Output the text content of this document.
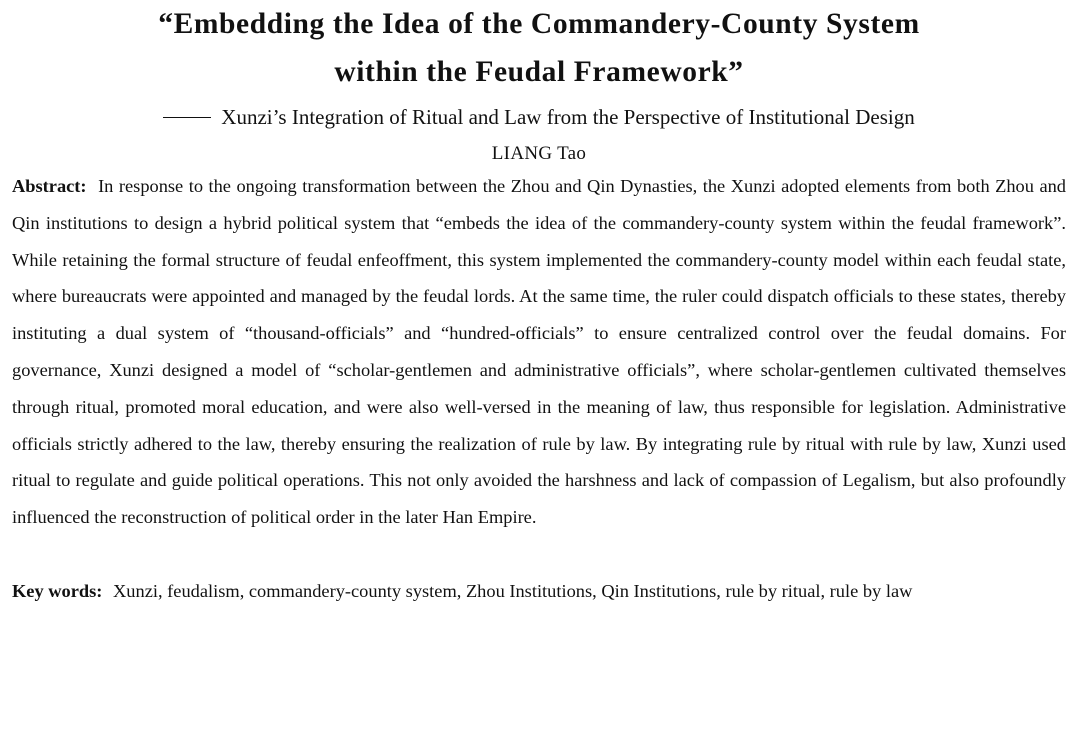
“Embedding the Idea of the Commandery-County System
within the Feudal Framework”
Xunzi’s Integration of Ritual and Law from the Perspective of Institutional Design
LIANG Tao

Abstract: In response to the ongoing transformation between the Zhou and Qin Dynasties, the Xunzi adopted elements from both Zhou and Qin institutions to design a hybrid political system that “embeds the idea of the commandery-county system within the feudal framework”. While retaining the formal structure of feudal enfeoffment, this system implemented the commandery-county model within each feudal state, where bureaucrats were appointed and managed by the feudal lords. At the same time, the ruler could dispatch officials to these states, thereby instituting a dual system of “thousand-officials” and “hundred-officials” to ensure centralized control over the feudal domains. For governance, Xunzi designed a model of “scholar-gentlemen and administrative officials”, where scholar-gentlemen cultivated themselves through ritual, promoted moral education, and were also well-versed in the meaning of law, thus responsible for legislation. Administrative officials strictly adhered to the law, thereby ensuring the realization of rule by law. By integrating rule by ritual with rule by law, Xunzi used ritual to regulate and guide political operations. This not only avoided the harshness and lack of compassion of Legalism, but also profoundly influenced the reconstruction of political order in the later Han Empire.

Key words: Xunzi, feudalism, commandery-county system, Zhou Institutions, Qin Institutions, rule by ritual, rule by law
